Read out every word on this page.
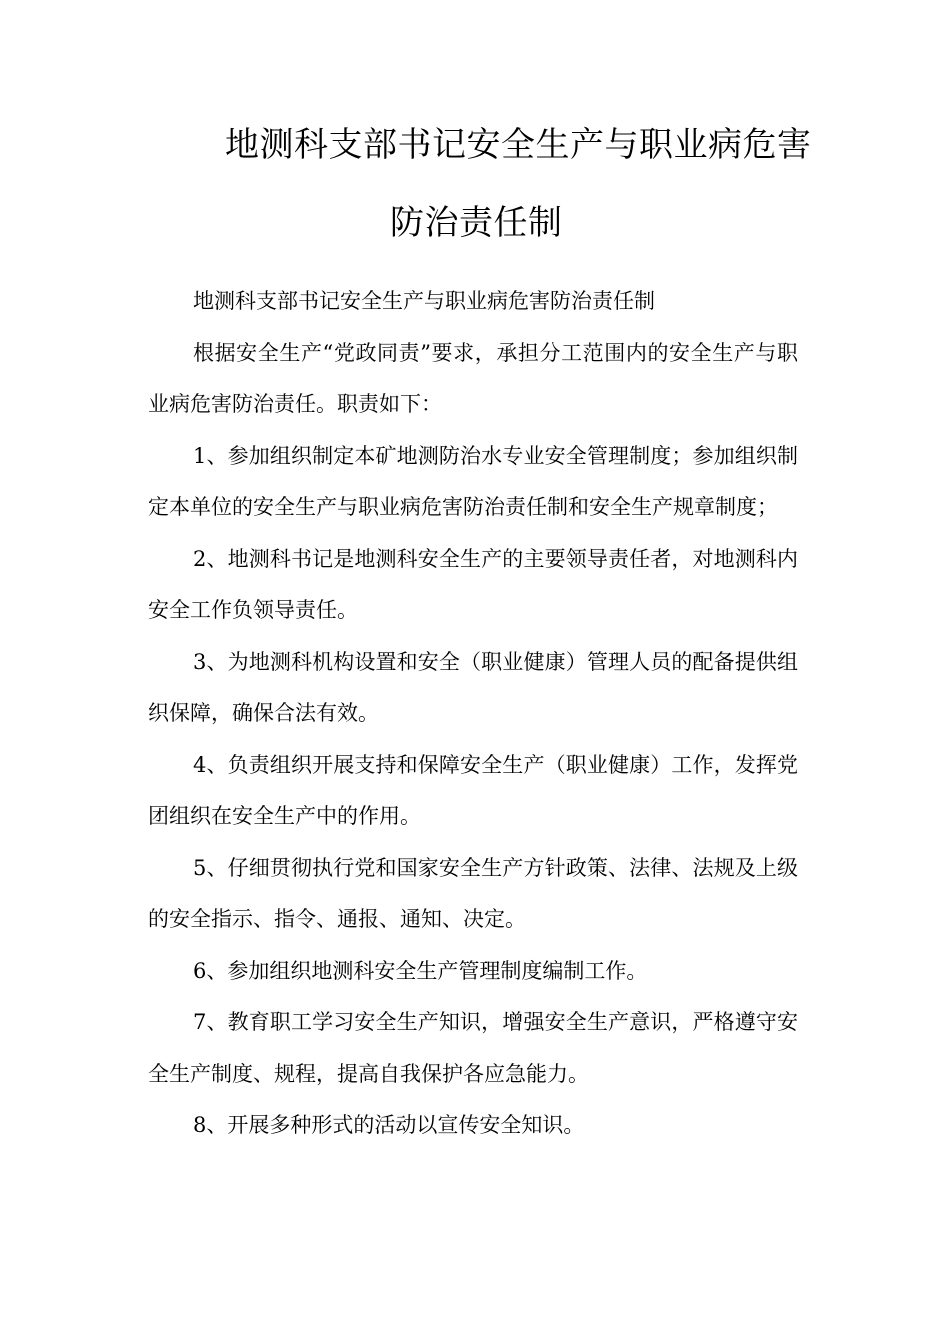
地测科支部书记安全生产与职业病危害
防治责任制

地测科支部书记安全生产与职业病危害防治责任制

根据安全生产“党政同责”要求，承担分工范围内的安全生产与职业病危害防治责任。职责如下：

1、参加组织制定本矿地测防治水专业安全管理制度；参加组织制定本单位的安全生产与职业病危害防治责任制和安全生产规章制度；

2、地测科书记是地测科安全生产的主要领导责任者，对地测科内安全工作负领导责任。

3、为地测科机构设置和安全（职业健康）管理人员的配备提供组织保障，确保合法有效。

4、负责组织开展支持和保障安全生产（职业健康）工作，发挥党团组织在安全生产中的作用。

5、仔细贯彻执行党和国家安全生产方针政策、法律、法规及上级的安全指示、指令、通报、通知、决定。

6、参加组织地测科安全生产管理制度编制工作。

7、教育职工学习安全生产知识，增强安全生产意识，严格遵守安全生产制度、规程，提高自我保护各应急能力。

8、开展多种形式的活动以宣传安全知识。
